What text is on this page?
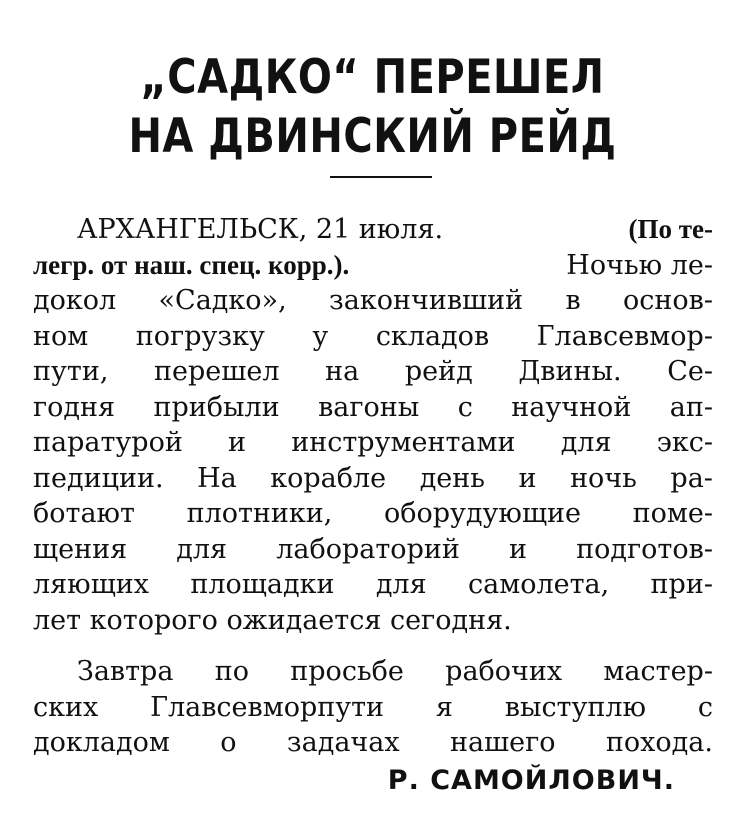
„САДКО“ ПЕРЕШЕЛ
НА ДВИНСКИЙ РЕЙД
АРХАНГЕЛЬСК, 21 июля.	(По те-
легр. от наш. спец. корр.).	Ночью ле-
докол «Садко», закончивший в основ-
ном погрузку у складов Главсевмор-
пути, перешел на рейд Двины. Се-
годня прибыли вагоны с научной ап-
паратурой и инструментами для экс-
педиции. На корабле день и ночь ра-
ботают плотники, оборудующие поме-
щения для лабораторий и подготов-
ляющих площадки для самолета, при-
лет которого ожидается сегодня.
Завтра по просьбе рабочих мастер-
ских Главсевморпути я выступлю с
докладом о задачах нашего похода.
Р. САМОЙЛОВИЧ.
